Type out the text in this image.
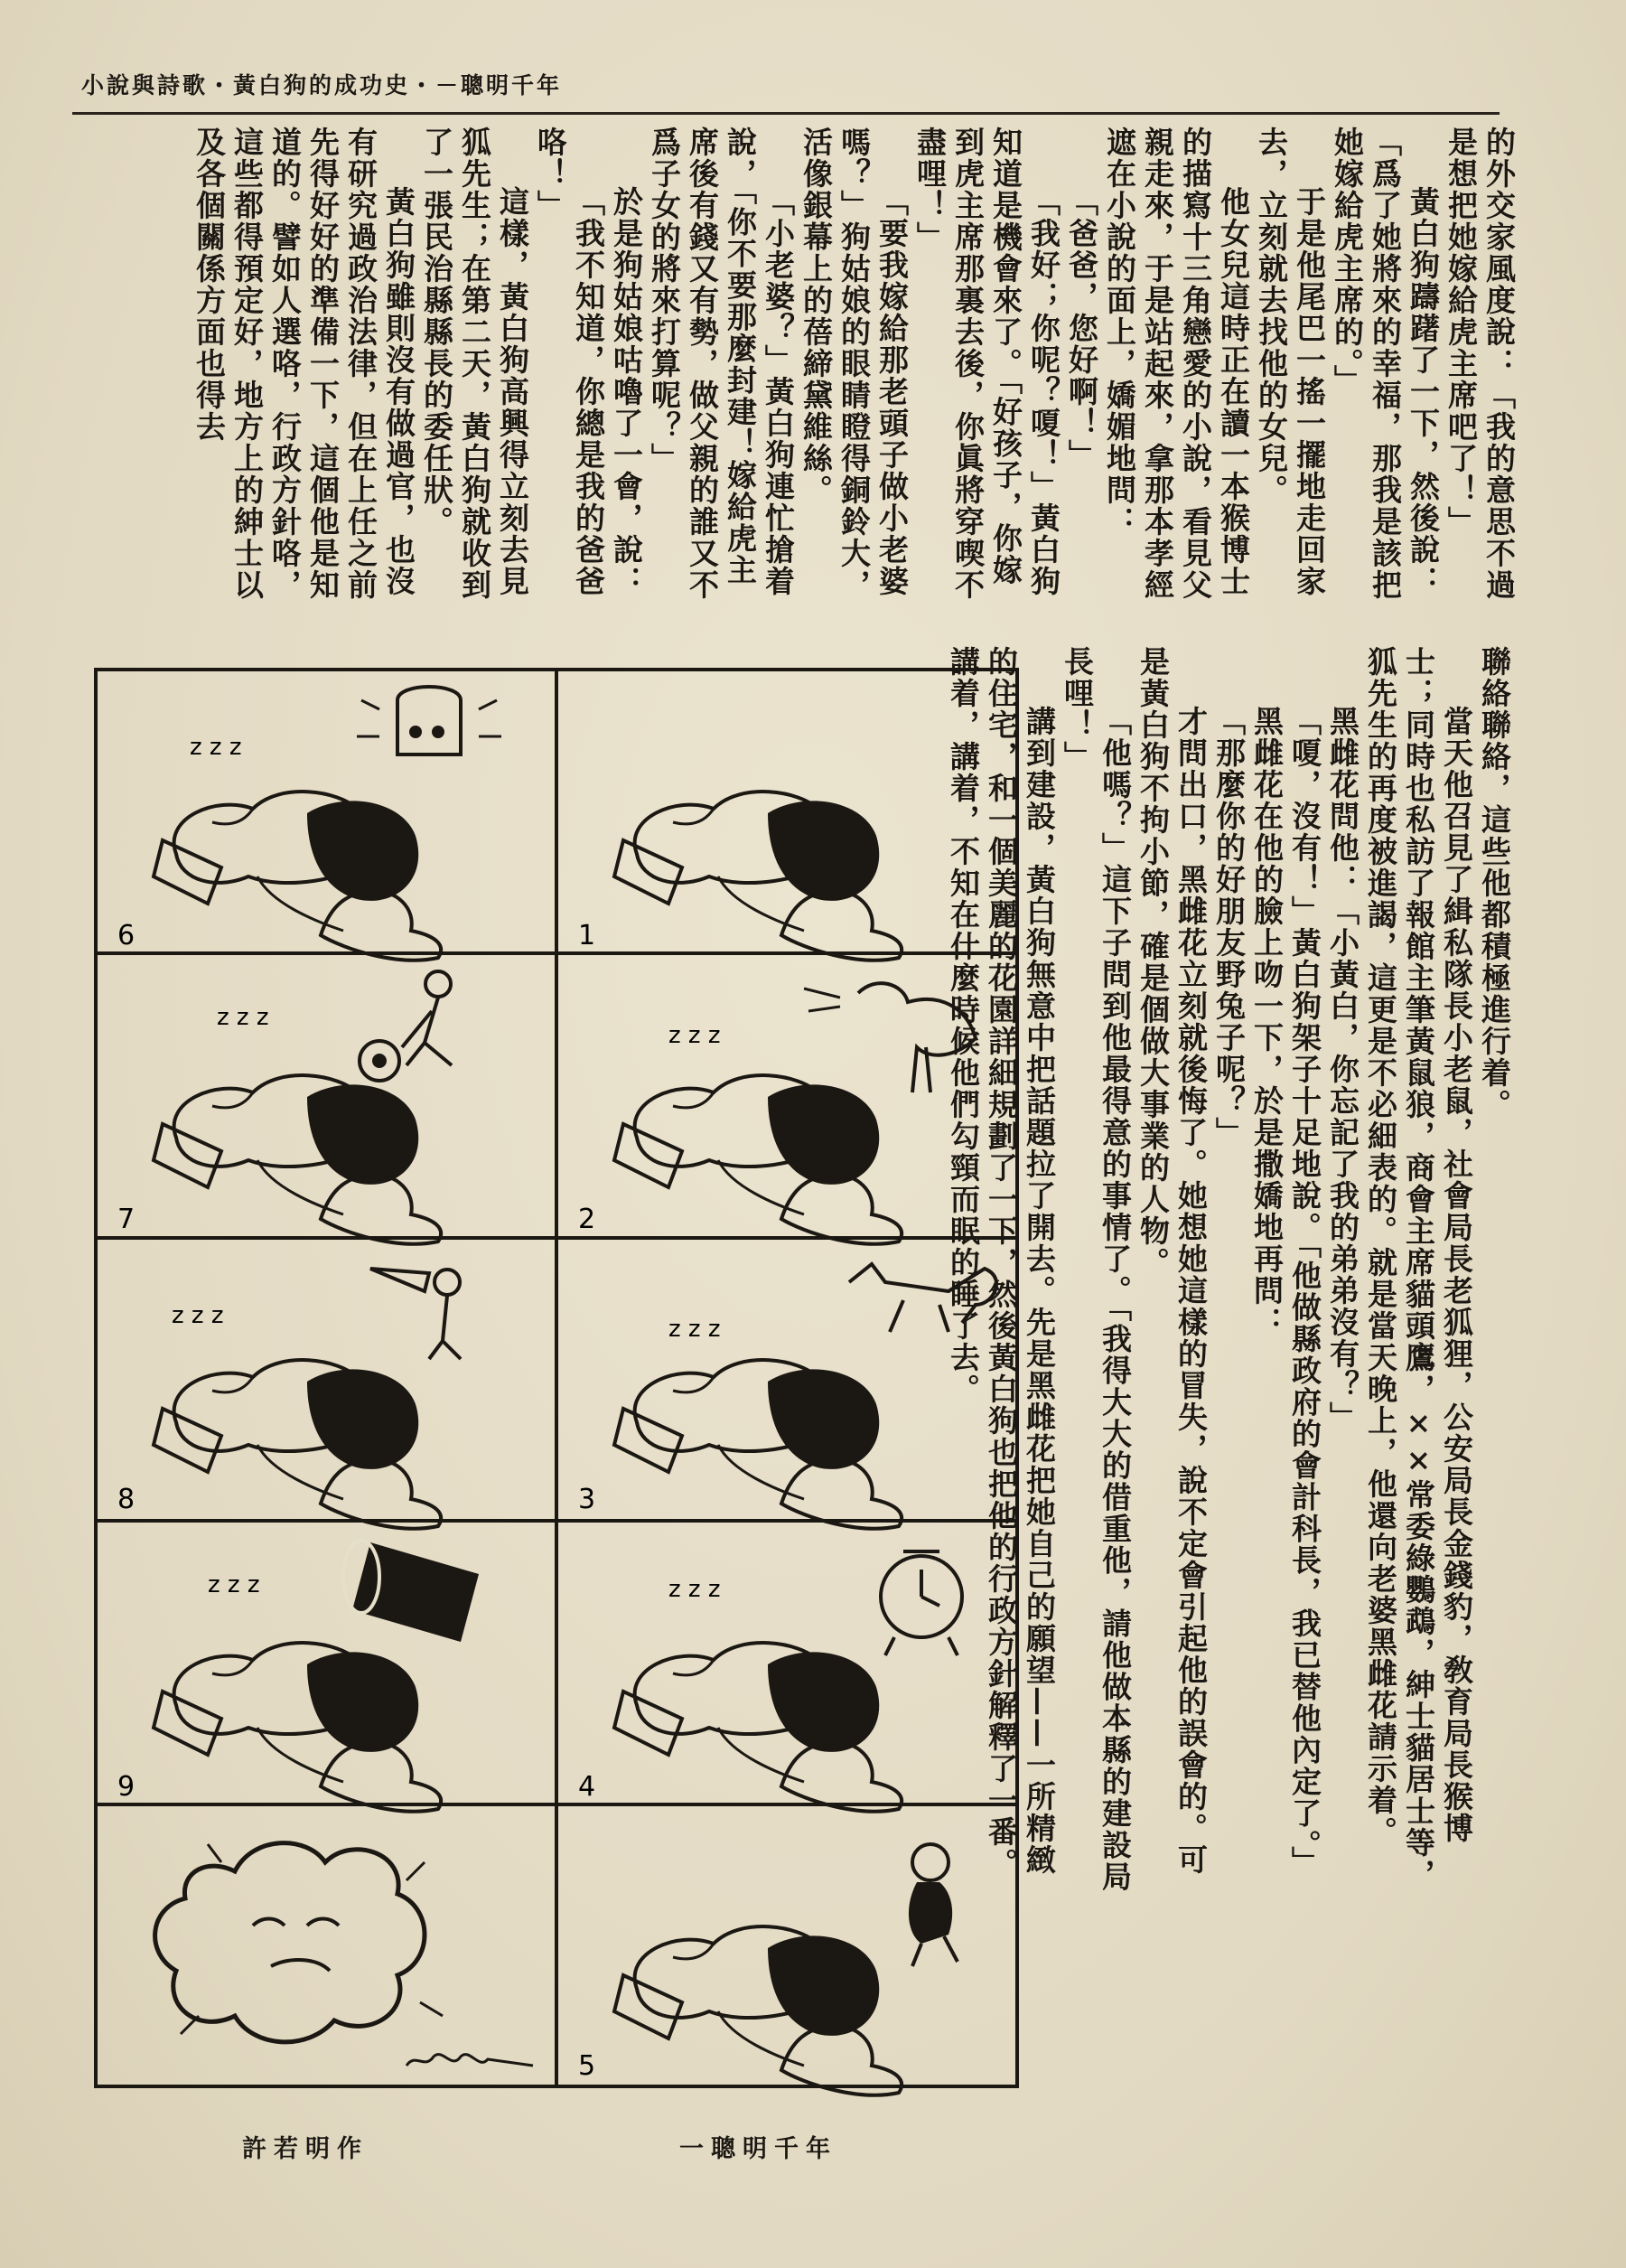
小說與詩歌・黃白狗的成功史・－聰明千年

的外交家風度說：「我的意思不過是想把她嫁給虎主席吧了！」

黃白狗躊躇了一下，然後說：「爲了她將來的幸福，那我是該把她嫁給虎主席的。」

于是他尾巴一搖一擺地走回家去，立刻就去找他的女兒。

他女兒這時正在讀一本猴博士的描寫十三角戀愛的小說，看見父親走來，于是站起來，拿那本孝經遮在小說的面上，嬌媚地問：

「爸爸，您好啊！」

「我好；你呢？嗄！」黃白狗知道是機會來了。「好孩子，你嫁到虎主席那裏去後，你眞將穿喫不盡哩！」

「要我嫁給那老頭子做小老婆嗎？」狗姑娘的眼睛瞪得銅鈴大，活像銀幕上的蓓締黛維絲。

「小老婆？」黃白狗連忙搶着說，「你不要那麼封建！嫁給虎主席後有錢又有勢，做父親的誰又不爲子女的將來打算呢？」

於是狗姑娘咕嚕了一會，說：

「我不知道，你總是我的爸爸咯！」

這樣，黃白狗高興得立刻去見狐先生；在第二天，黃白狗就收到了一張民治縣縣長的委任狀。

黃白狗雖則沒有做過官，也沒有研究過政治法律，但在上任之前先得好好的準備一下，這個他是知道的。譬如人選咯，行政方針咯，這些都得預定好，地方上的紳士以及各個關係方面也得去

聯絡聯絡，這些他都積極進行着。

當天他召見了緝私隊長小老鼠，社會局長老狐狸，公安局長金錢豹，敎育局長猴博士；同時也私訪了報館主筆黃鼠狼，商會主席貓頭鷹，××常委綠鸚鵡，紳士貓居士等，狐先生的再度被進謁，這更是不必細表的。就是當天晚上，他還向老婆黑雌花請示着。

黑雌花問他：「小黃白，你忘記了我的弟弟沒有？」

「嗄，沒有！」黃白狗架子十足地說。「他做縣政府的會計科長，我已替他內定了。」

黑雌花在他的臉上吻一下，於是撒嬌地再問：

「那麼你的好朋友野兔子呢？」

才問出口，黑雌花立刻就後悔了。她想她這樣的冒失，說不定會引起他的誤會的。可是黃白狗不拘小節，確是個做大事業的人物。

「他嗎？」這下子問到他最得意的事情了。「我得大大的借重他，請他做本縣的建設局長哩！」

講到建設，黃白狗無意中把話題拉了開去。先是黑雌花把她自己的願望——一所精緻的住宅，和一個美麗的花園詳細規劃了一下，然後黃白狗也把他的行政方針解釋了一番。講着，講着，不知在什麼時候他們勾頸而眠的睡了去。

1
z z z
2
z z z
3
z z z
4
5
z z z
6
z z z
7
z z z
8
z z z
9
sketch signature
一聰明千年
許若明作
